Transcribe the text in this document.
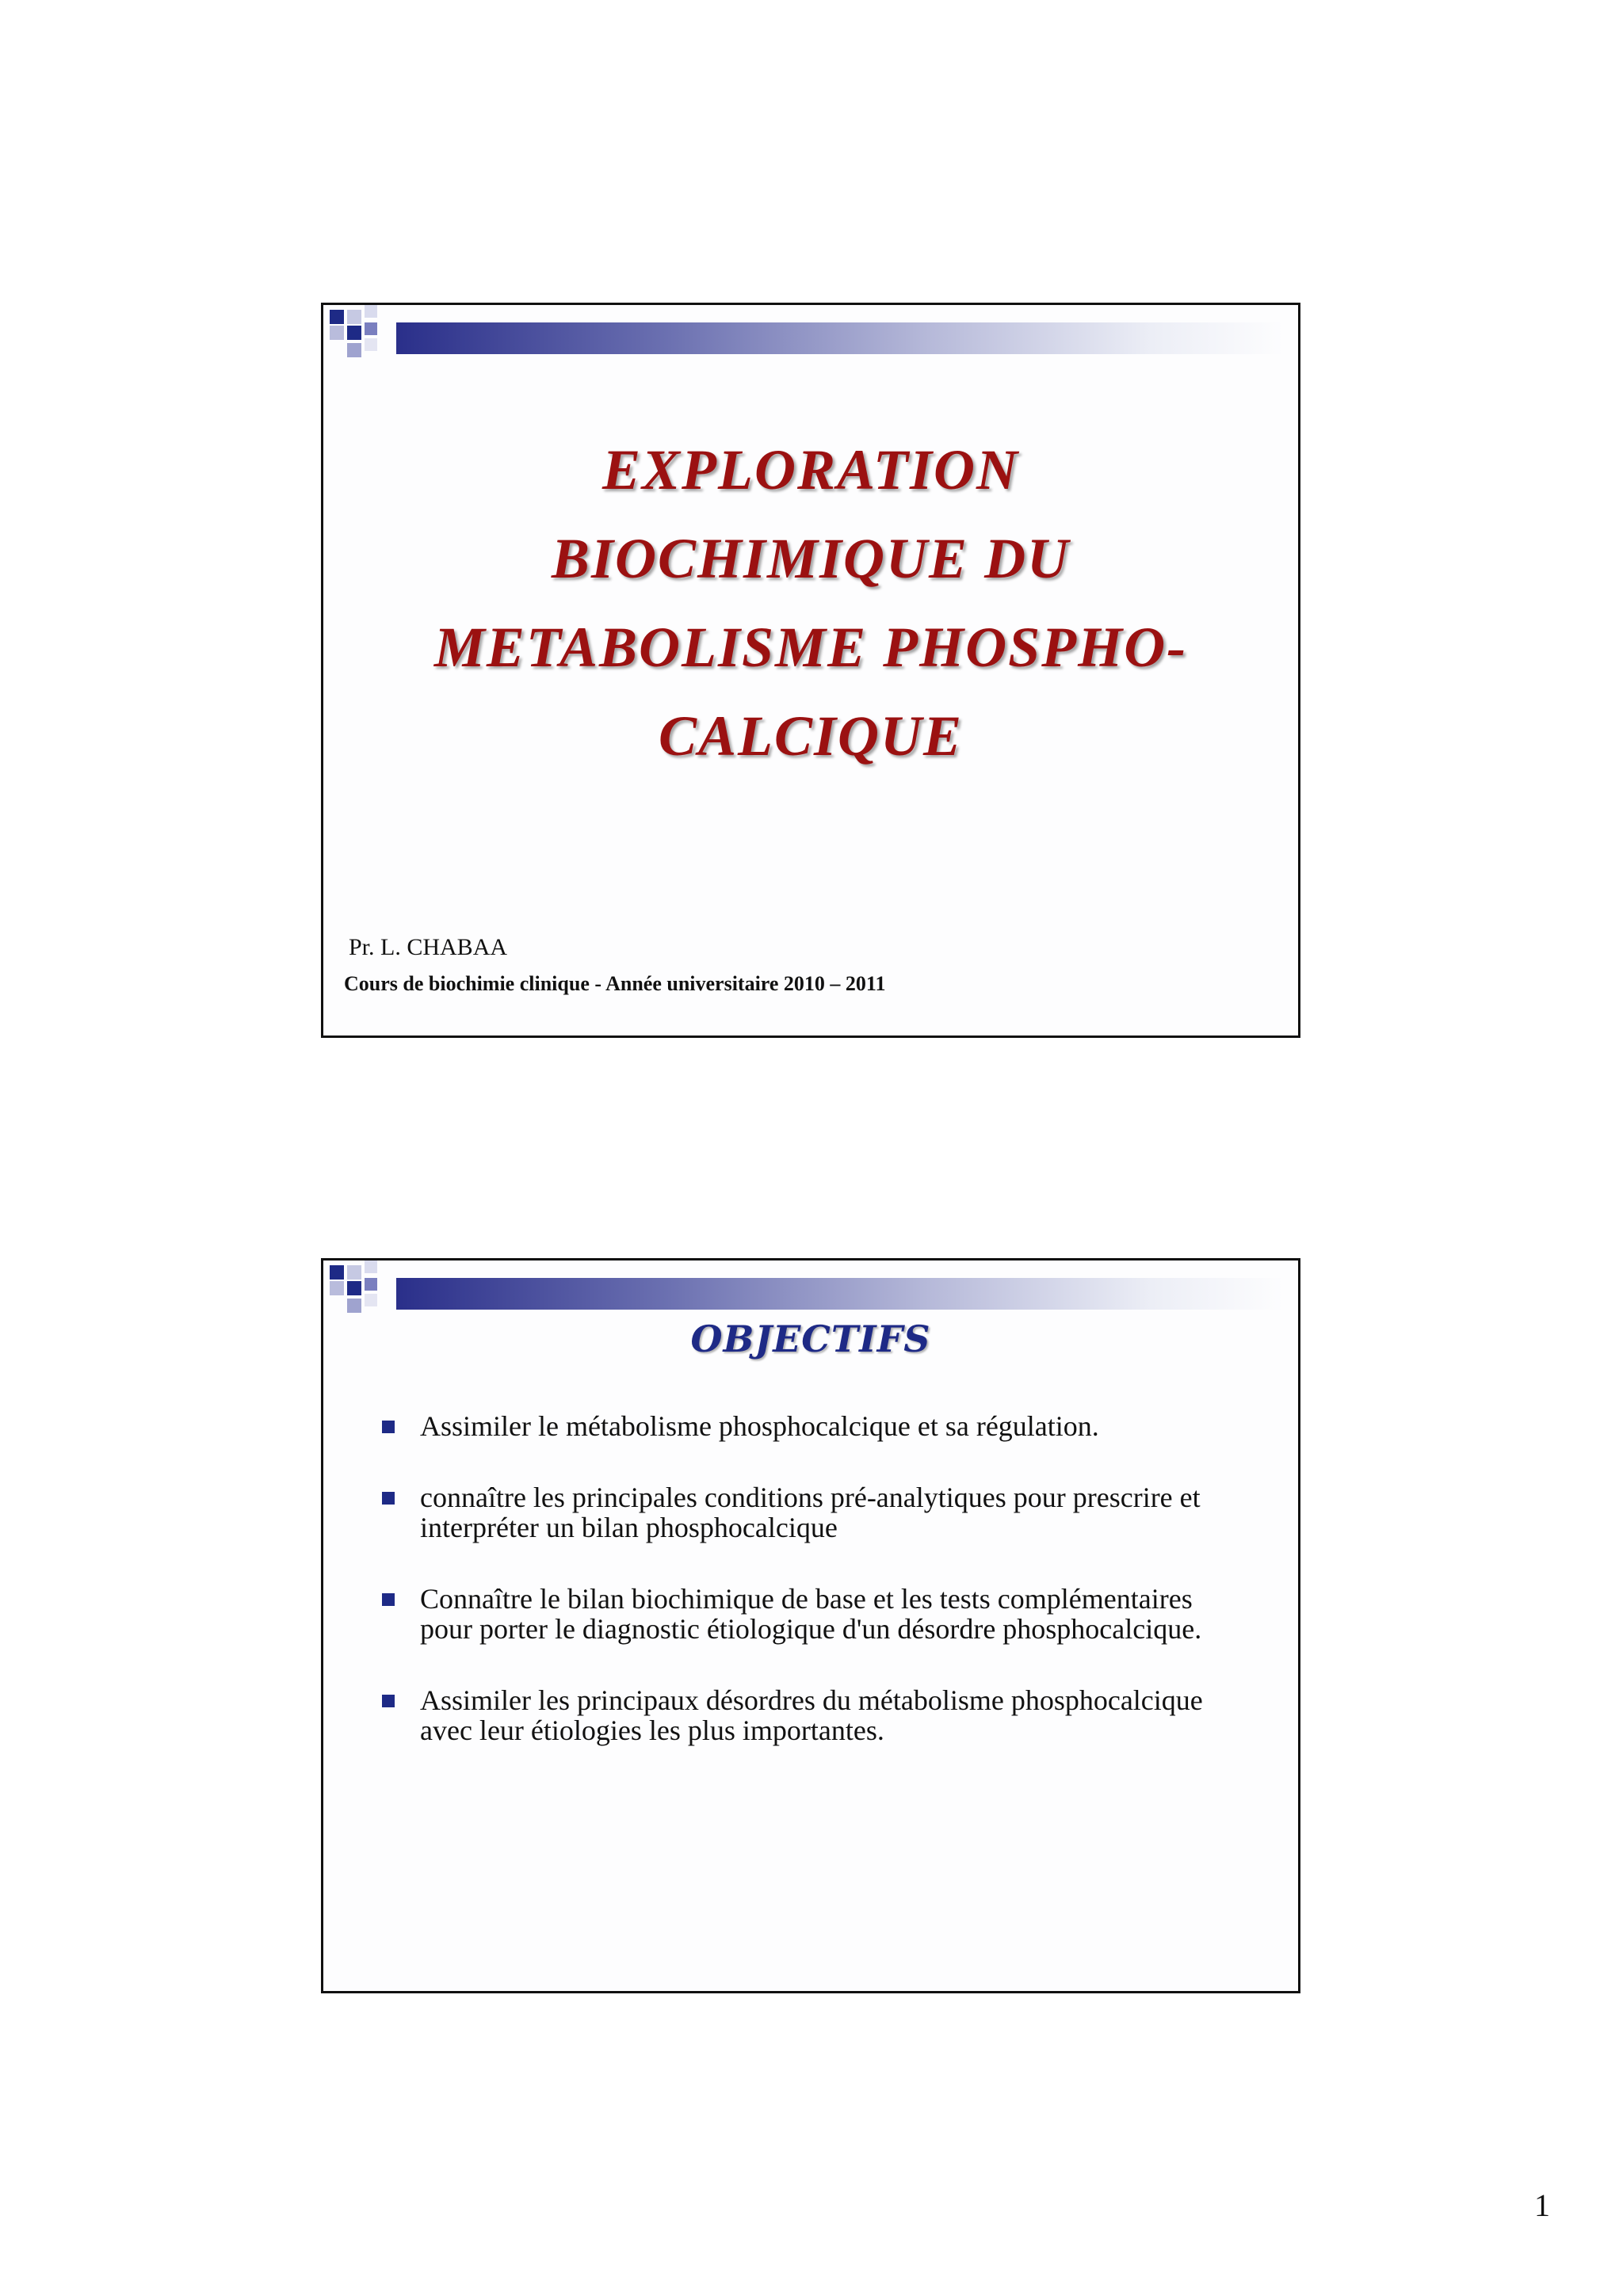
EXPLORATION
BIOCHIMIQUE DU
METABOLISME PHOSPHO-
CALCIQUE
Pr. L. CHABAA
Cours de biochimie clinique - Année universitaire 2010 – 2011
OBJECTIFS
Assimiler le métabolisme phosphocalcique et sa régulation.
connaître les principales conditions pré-analytiques pour prescrire et
interpréter un bilan phosphocalcique
Connaître le bilan biochimique de base et les tests complémentaires
pour porter le diagnostic étiologique d'un désordre phosphocalcique.
Assimiler les principaux désordres du métabolisme phosphocalcique
avec leur étiologies les plus importantes.
1
